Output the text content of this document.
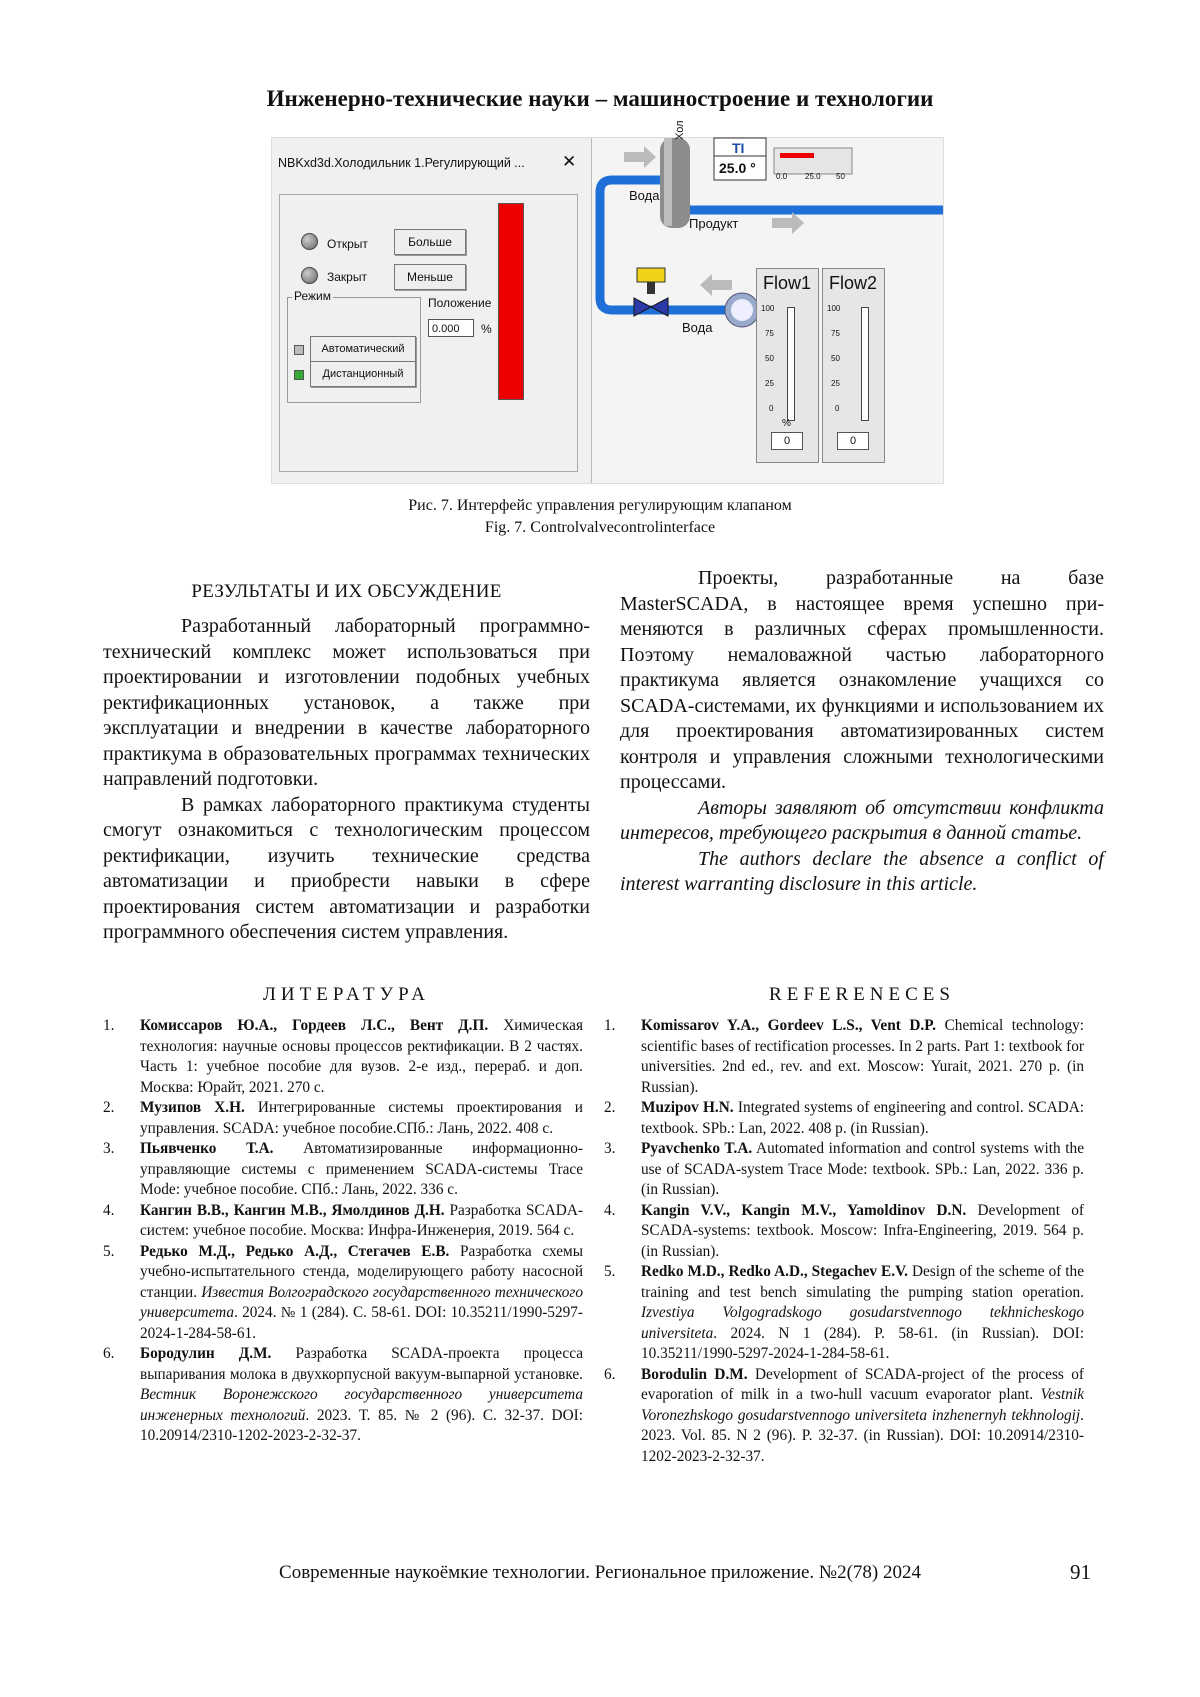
Инженерно-технические науки – машиностроение и технологии
NBKxd3d.Холодильник 1.Регулирующий ...	✕
Открыт
Закрыт
Больше
Меньше
Положение
0.000	%
Режим
Автоматический
Дистанционный
Вода
Продукт
Вода
Хол
TI
25.0 °
0.0 25.0 50
Flow1
100
75
50
25
0
%
0
Flow2
100
75
50
25
0
0
Рис. 7. Интерфейс управления регулирующим клапаном
Fig. 7. Controlvalvecontrolinterface
РЕЗУЛЬТАТЫ И ИХ ОБСУЖДЕНИЕ

Разработанный лабораторный программно-технический комплекс может использоваться при проектировании и изготовлении подобных учебных ректификационных установок, а также при эксплуатации и внедрении в качестве лабораторного практикума в образовательных программах технических направлений подготовки.

В рамках лабораторного практикума студенты смогут ознакомиться с технологическим процессом ректификации, изучить технические средства автоматизации и приобрести навыки в сфере проектирования систем автоматизации и разработки программного обеспечения систем управления.

Проекты, разработанные на базе MasterSCADA, в настоящее время успешно применяются в различных сферах промышленности. Поэтому немаловажной частью лабораторного практикума является ознакомление учащихся со SCADA-системами, их функциями и использованием их для проектирования автоматизированных систем контроля и управления сложными технологическими процессами.

Авторы заявляют об отсутствии конфликта интересов, требующего раскрытия в данной статье.

The authors declare the absence a conflict of interest warranting disclosure in this article.

ЛИТЕРАТУРА	REFERENECES
1. Комиссаров Ю.А., Гордеев Л.С., Вент Д.П. Химическая технология: научные основы процессов ректификации. В 2 частях. Часть 1: учебное пособие для вузов. 2-е изд., перераб. и доп. Москва: Юрайт, 2021. 270 с.
2. Музипов Х.Н. Интегрированные системы проектирования и управления. SCADA: учебное пособие.СПб.: Лань, 2022. 408 с.
3. Пьявченко Т.А. Автоматизированные информационно-управляющие системы с применением SCADA-системы Trace Mode: учебное пособие. СПб.: Лань, 2022. 336 с.
4. Кангин В.В., Кангин М.В., Ямолдинов Д.Н. Разработка SCADA-систем: учебное пособие. Москва: Инфра-Инженерия, 2019. 564 с.
5. Редько М.Д., Редько А.Д., Стегачев Е.В. Разработка схемы учебно-испытательного стенда, моделирующего работу насосной станции. Известия Волгоградского государственного технического университета. 2024. № 1 (284). С. 58-61. DOI: 10.35211/1990-5297-2024-1-284-58-61.
6. Бородулин Д.М. Разработка SCADA-проекта процесса выпаривания молока в двухкорпусной вакуум-выпарной установке. Вестник Воронежского государственного университета инженерных технологий. 2023. Т. 85. № 2 (96). С. 32-37. DOI: 10.20914/2310-1202-2023-2-32-37.
1. Komissarov Y.A., Gordeev L.S., Vent D.P. Chemical technology: scientific bases of rectification processes. In 2 parts. Part 1: textbook for universities. 2nd ed., rev. and ext. Moscow: Yurait, 2021. 270 p. (in Russian).
2. Muzipov H.N. Integrated systems of engineering and control. SCADA: textbook. SPb.: Lan, 2022. 408 p. (in Russian).
3. Pyavchenko T.A. Automated information and control systems with the use of SCADA-system Trace Mode: textbook. SPb.: Lan, 2022. 336 p. (in Russian).
4. Kangin V.V., Kangin M.V., Yamoldinov D.N. Development of SCADA-systems: textbook. Moscow: Infra-Engineering, 2019. 564 p. (in Russian).
5. Redko M.D., Redko A.D., Stegachev E.V. Design of the scheme of the training and test bench simulating the pumping station operation. Izvestiya Volgogradskogo gosudarstvennogo tekhnicheskogo universiteta. 2024. N 1 (284). P. 58-61. (in Russian). DOI: 10.35211/1990-5297-2024-1-284-58-61.
6. Borodulin D.M. Development of SCADA-project of the process of evaporation of milk in a two-hull vacuum evaporator plant. Vestnik Voronezhskogo gosudarstvennogo universiteta inzhenernyh tekhnologij. 2023. Vol. 85. N 2 (96). P. 32-37. (in Russian). DOI: 10.20914/2310-1202-2023-2-32-37.
Современные наукоёмкие технологии. Региональное приложение. №2(78) 2024	91
